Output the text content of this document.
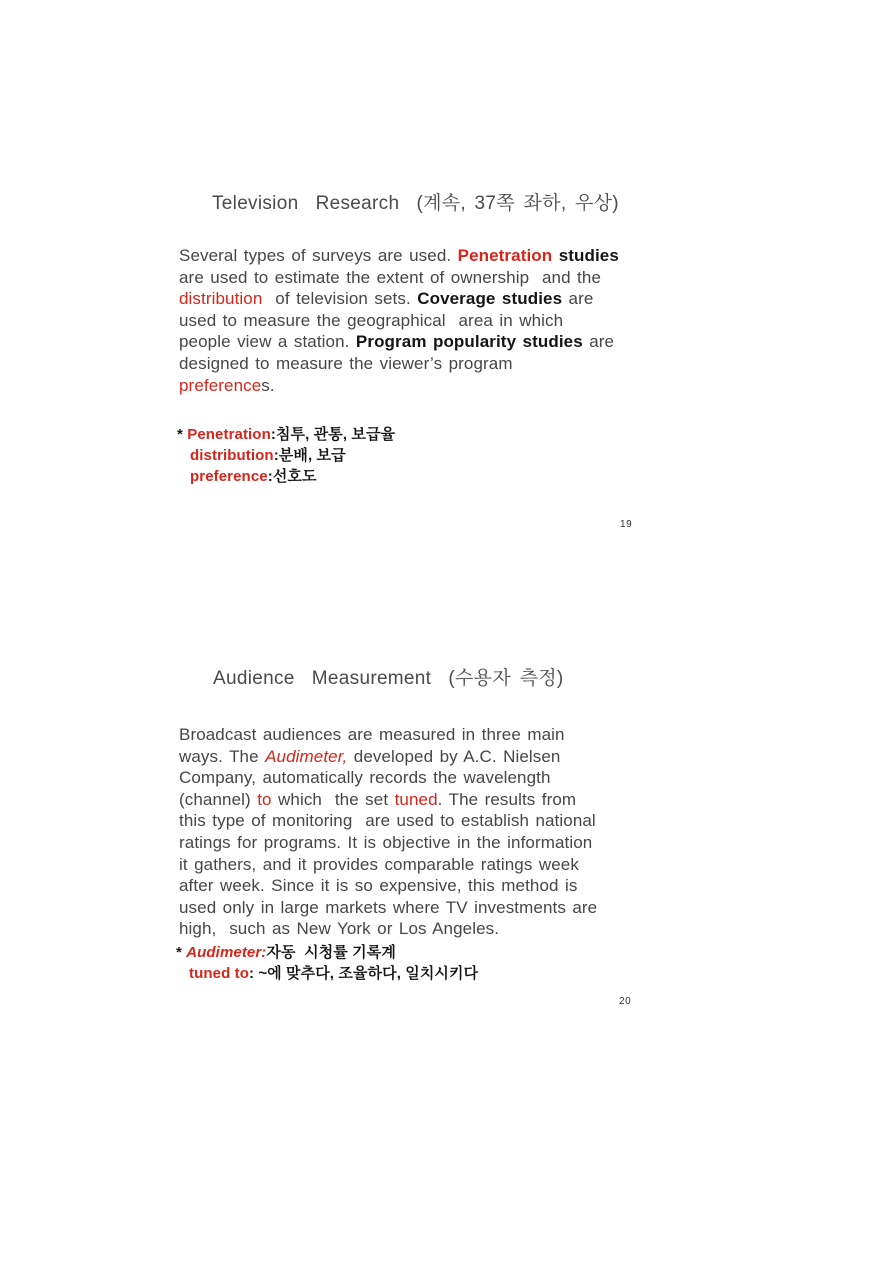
Television  Research  (계속, 37쪽 좌하, 우상)
Several types of surveys are used. Penetration studies
are used to estimate the extent of ownership  and the
distribution  of television sets. Coverage studies are
used to measure the geographical  area in which
people view a station. Program popularity studies are
designed to measure the viewer’s program
preferences.
* Penetration:침투, 관통, 보급율
distribution:분배, 보급
preference:선호도
19
Audience  Measurement  (수용자 측정)
Broadcast audiences are measured in three main
ways. The Audimeter, developed by A.C. Nielsen
Company, automatically records the wavelength
(channel) to which  the set tuned. The results from
this type of monitoring  are used to establish national
ratings for programs. It is objective in the information
it gathers, and it provides comparable ratings week
after week. Since it is so expensive, this method is
used only in large markets where TV investments are
high,  such as New York or Los Angeles.
* Audimeter:자동  시청률 기록계
tuned to: ~에 맞추다, 조율하다, 일치시키다
20
